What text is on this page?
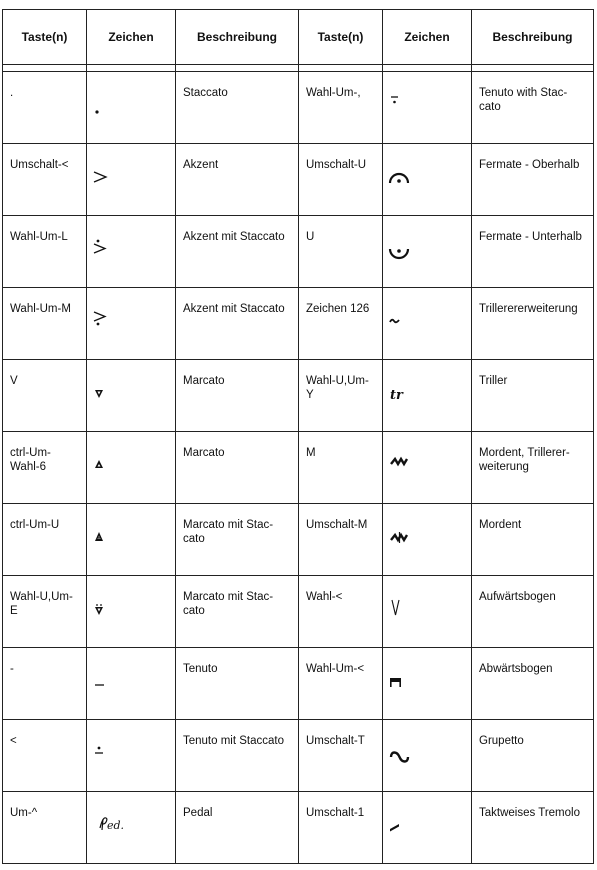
Taste(n)	Zeichen	Beschreibung	Taste(n)	Zeichen	Beschreibung

.		Staccato	Wahl-Um-,		Tenuto with Stac-cato

Umschalt-<		Akzent	Umschalt-U		Fermate - Oberhalb

Wahl-Um-L		Akzent mit Staccato	U		Fermate - Unterhalb

Wahl-Um-M		Akzent mit Staccato	Zeichen 126		Trillerererweiterung

V		Marcato	Wahl-U,Um-Y	tr	Triller

ctrl-Um-Wahl-6		Marcato	M		Mordent, Trillerer-weiterung

ctrl-Um-U		Marcato mit Stac-cato	Umschalt-M		Mordent

Wahl-U,Um-E		Marcato mit Stac-cato	Wahl-<		Aufwärtsbogen

-		Tenuto	Wahl-Um-<		Abwärtsbogen

<		Tenuto mit Staccato	Umschalt-T		Grupetto

Um-^	ed.	Pedal	Umschalt-1		Taktweises Tremolo
